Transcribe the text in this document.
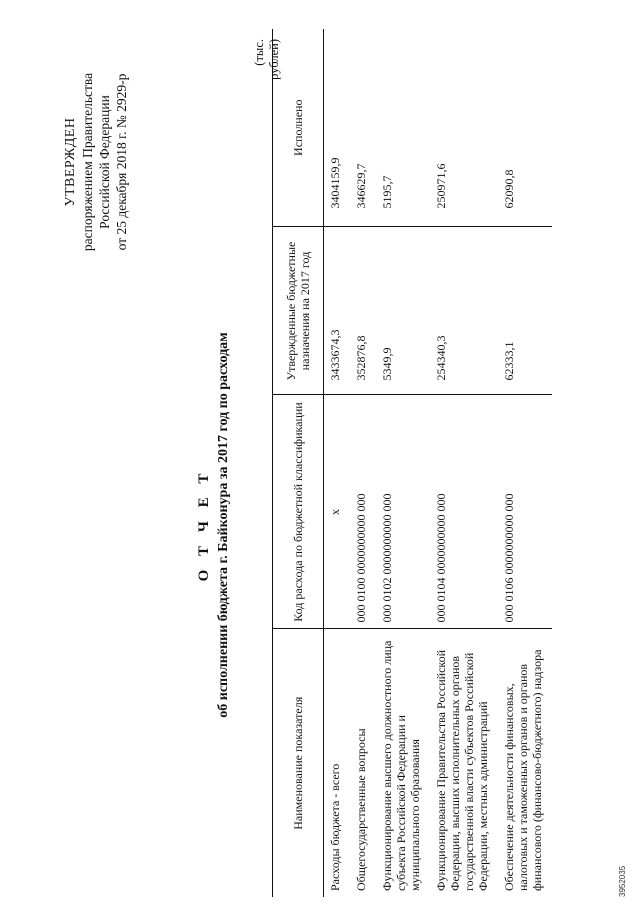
УТВЕРЖДЕН распоряжением Правительства Российской Федерации от 25 декабря 2018 г. № 2929-р
О Т Ч Е Т об исполнении бюджета г. Байконура за 2017 год по расходам
(тыс. рублей)
Наименование показателя	Код расхода по бюджетной классификации	Утвержденные бюджетные назначения на 2017 год	Исполнено
Расходы бюджета - всего	х	3433674,3	3404159,9
Общегосударственные вопросы	000 0100 0000000000 000	352876,8	346629,7
Функционирование высшего должностного лица субъекта Российской Федерации и муниципального образования	000 0102 0000000000 000	5349,9	5195,7
Функционирование Правительства Российской Федерации, высших исполнительных органов государственной власти субъектов Российской Федерации, местных администраций	000 0104 0000000000 000	254340,3	250971,6
Обеспечение деятельности финансовых, налоговых и таможенных органов и органов финансового (финансово-бюджетного) надзора	000 0106 0000000000 000	62333,1	62090,8
3952035
